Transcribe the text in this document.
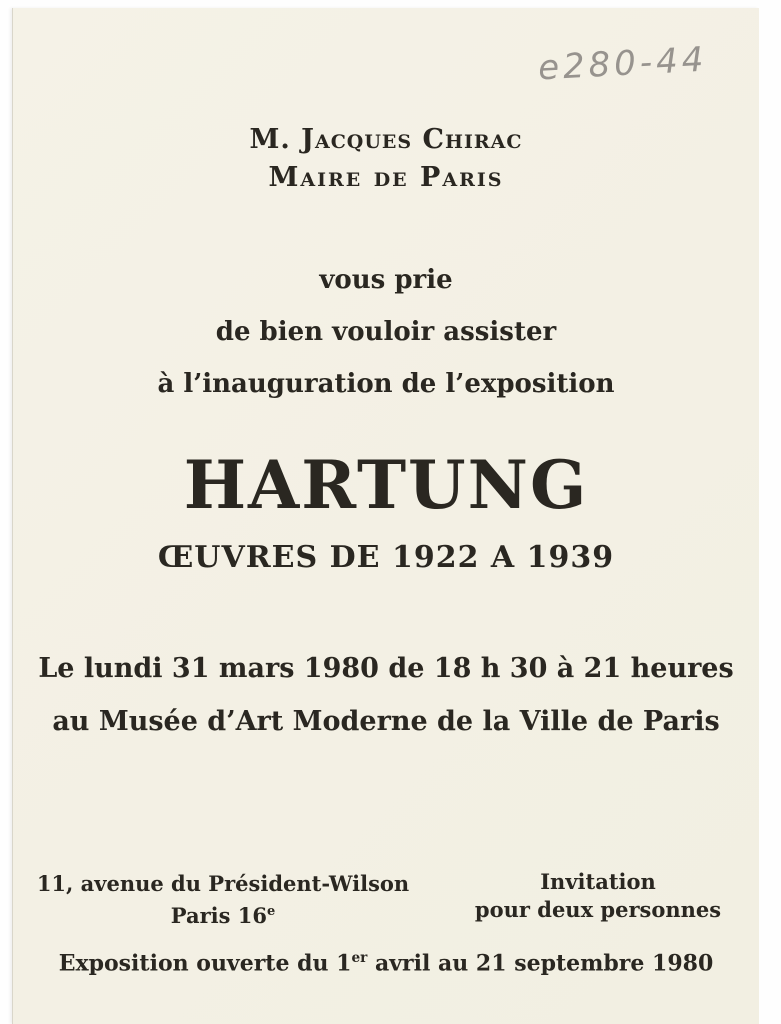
e280-44
M. Jacques Chirac
Maire de Paris
vous prie
de bien vouloir assister
à l’inauguration de l’exposition
HARTUNG
ŒUVRES DE 1922 A 1939
Le lundi 31 mars 1980 de 18 h 30 à 21 heures
au Musée d’Art Moderne de la Ville de Paris
11, avenue du Président-Wilson
Paris 16e
Invitation
pour deux personnes
Exposition ouverte du 1er avril au 21 septembre 1980
